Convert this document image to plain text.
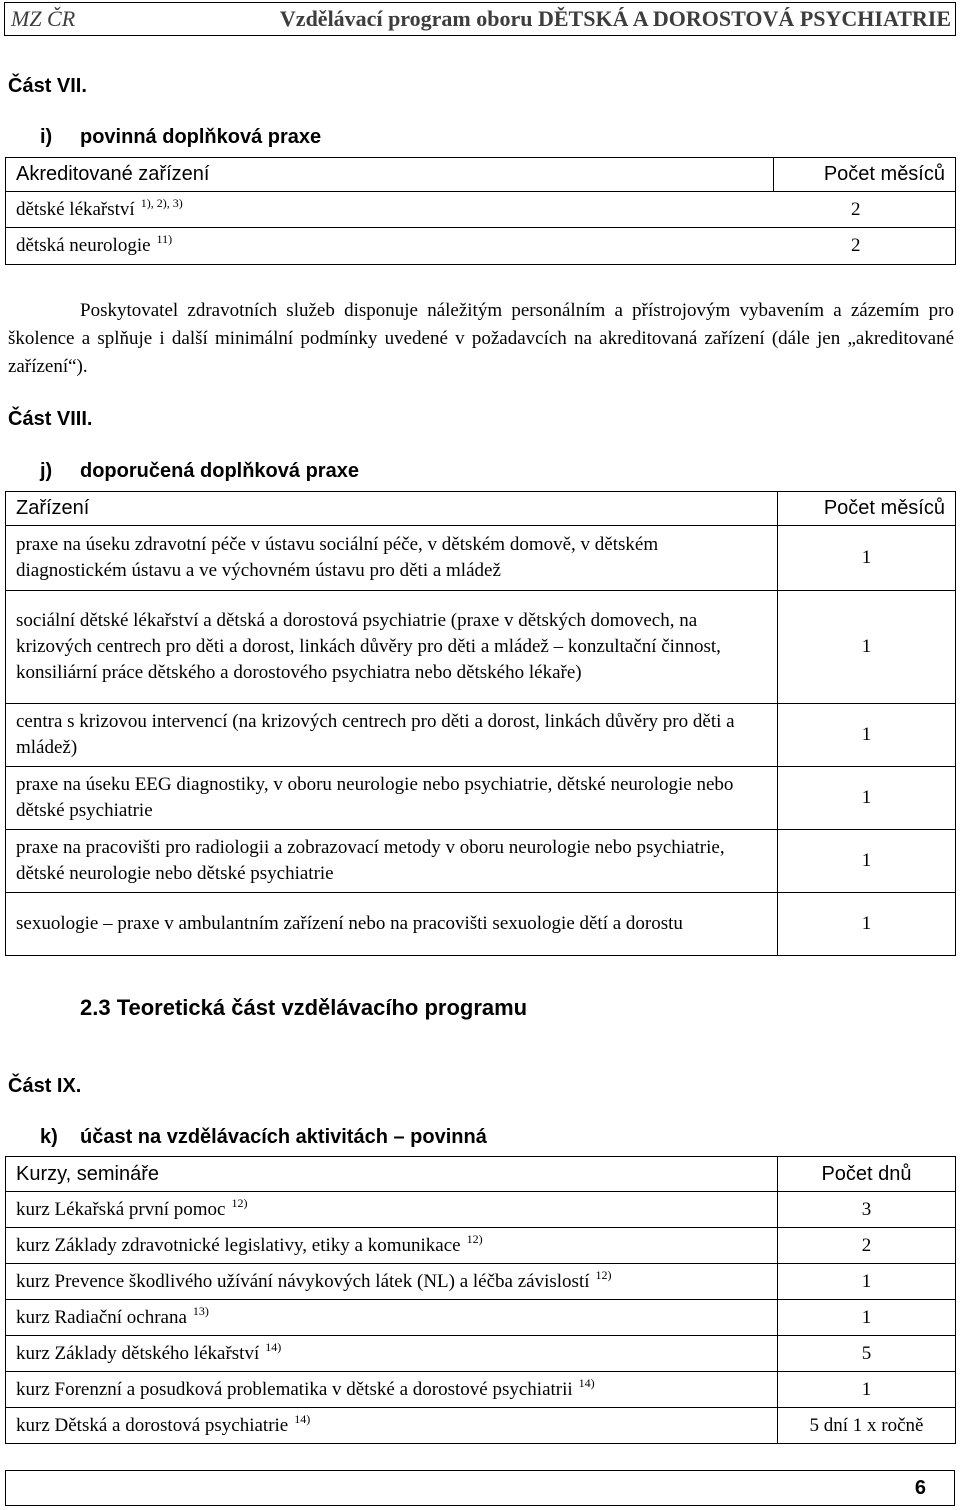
MZ ČR	Vzdělávací program oboru DĚTSKÁ A DOROSTOVÁ PSYCHIATRIE
Část VII.
i) povinná doplňková praxe
Akreditované zařízení	Počet měsíců
dětské lékařství $^{1), 2), 3)}$	2

dětská neurologie $^{11)}$	2
Poskytovatel zdravotních služeb disponuje náležitým personálním a přístrojovým vybavením a zázemím pro školence a splňuje i další minimální podmínky uvedené v požadavcích na akreditovaná zařízení (dále jen „akreditované zařízení“).
Část VIII.
j) doporučená doplňková praxe
Zařízení	Počet měsíců
praxe na úseku zdravotní péče v ústavu sociální péče, v dětském domově, v dětském diagnostickém ústavu a ve výchovném ústavu pro děti a mládež	1
sociální dětské lékařství a dětská a dorostová psychiatrie (praxe v dětských domovech, na krizových centrech pro děti a dorost, linkách důvěry pro děti a mládež – konzultační činnost, konsiliární práce dětského a dorostového psychiatra nebo dětského lékaře)	1
centra s krizovou intervencí (na krizových centrech pro děti a dorost, linkách důvěry pro děti a mládež)	1
praxe na úseku EEG diagnostiky, v oboru neurologie nebo psychiatrie, dětské neurologie nebo dětské psychiatrie	1
praxe na pracovišti pro radiologii a zobrazovací metody v oboru neurologie nebo psychiatrie, dětské neurologie nebo dětské psychiatrie	1
sexuologie – praxe v ambulantním zařízení nebo na pracovišti sexuologie dětí a dorostu	1
2.3 Teoretická část vzdělávacího programu
Část IX.
k) účast na vzdělávacích aktivitách – povinná
Kurzy, semináře	Počet dnů
kurz Lékařská první pomoc $^{12)}$	3
kurz Základy zdravotnické legislativy, etiky a komunikace $^{12)}$	2
kurz Prevence škodlivého užívání návykových látek (NL) a léčba závislostí $^{12)}$	1
kurz Radiační ochrana $^{13)}$	1
kurz Základy dětského lékařství $^{14)}$	5
kurz Forenzní a posudková problematika v dětské a dorostové psychiatrii $^{14)}$	1
kurz Dětská a dorostová psychiatrie $^{14)}$	5 dní 1 x ročně
6
